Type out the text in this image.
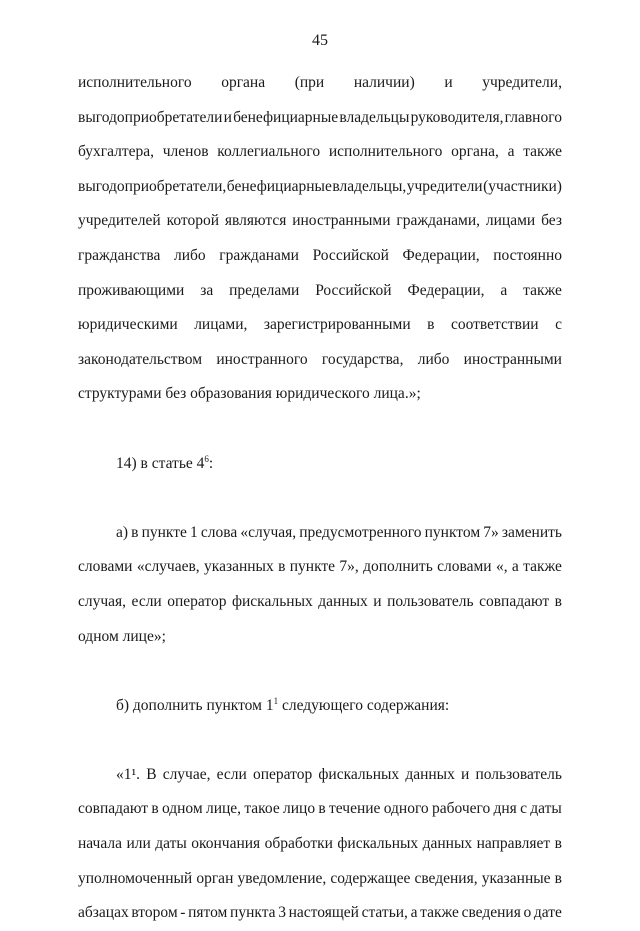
45
исполнительного органа (при наличии) и учредители,
выгодоприобретатели и бенефициарные владельцы руководителя, главного
бухгалтера, членов коллегиального исполнительного органа, а также
выгодоприобретатели, бенефициарные владельцы, учредители (участники)
учредителей которой являются иностранными гражданами, лицами без
гражданства либо гражданами Российской Федерации, постоянно
проживающими за пределами Российской Федерации, а также
юридическими лицами, зарегистрированными в соответствии с
законодательством иностранного государства, либо иностранными
структурами без образования юридического лица.»;
14) в статье $4^6$:
а) в пункте 1 слова «случая, предусмотренного пунктом 7» заменить
словами «случаев, указанных в пункте 7», дополнить словами «, а также
случая, если оператор фискальных данных и пользователь совпадают в
одном лице»;
б) дополнить пунктом $1^1$ следующего содержания:
«1¹. В случае, если оператор фискальных данных и пользователь
совпадают в одном лице, такое лицо в течение одного рабочего дня с даты
начала или даты окончания обработки фискальных данных направляет в
уполномоченный орган уведомление, содержащее сведения, указанные в
абзацах втором - пятом пункта 3 настоящей статьи, а также сведения о дате
